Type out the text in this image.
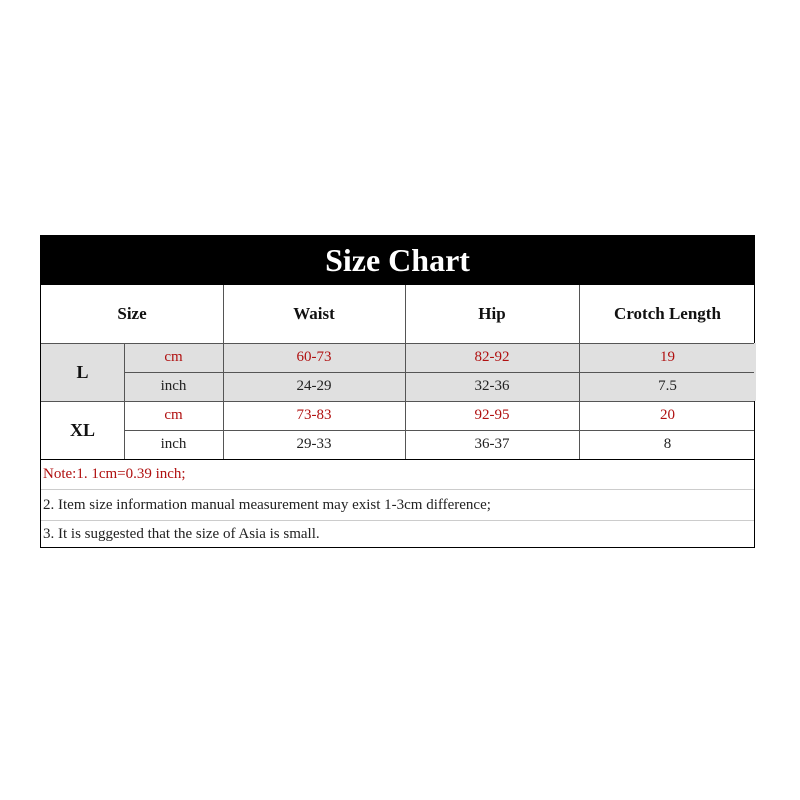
Size Chart
Size	Waist	Hip	Crotch Length
L
cm	60-73	82-92	19
inch	24-29	32-36	7.5
XL
cm	73-83	92-95	20
inch	29-33	36-37	8
Note:1. 1cm=0.39 inch;
2. Item size information manual measurement may exist 1-3cm difference;
3. It is suggested that the size of Asia is small.
